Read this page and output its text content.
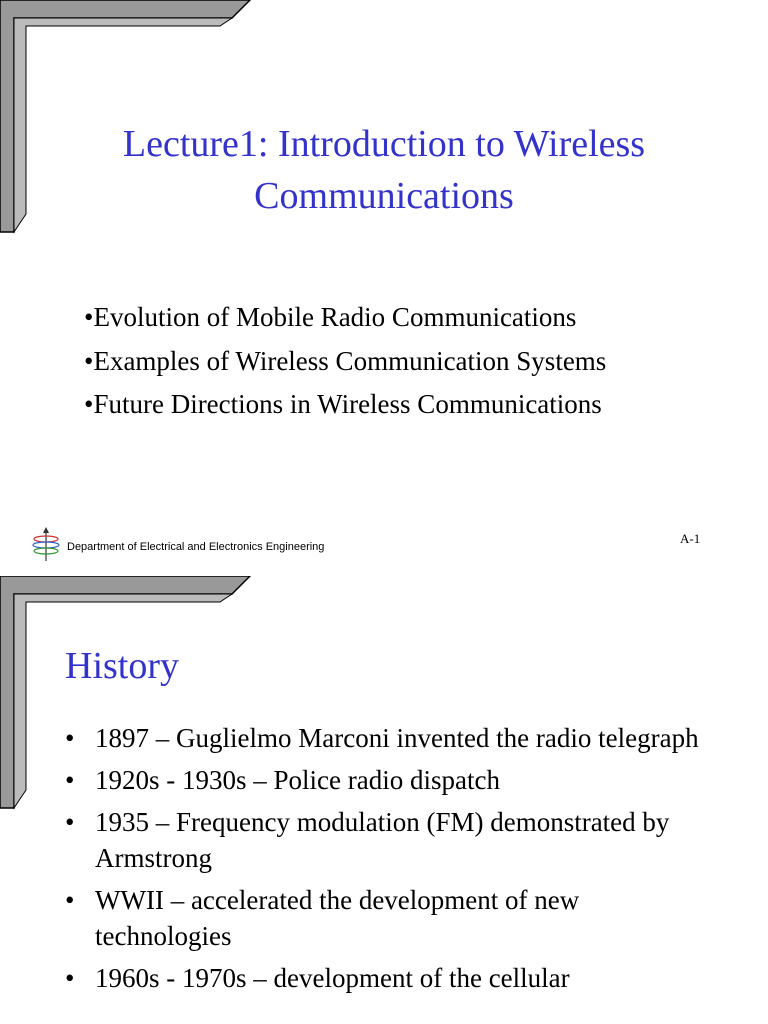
Lecture1: Introduction to Wireless
Communications
•Evolution of Mobile Radio Communications
•Examples of Wireless Communication Systems
•Future Directions in Wireless Communications
Department of Electrical and Electronics Engineering
A-1
History
• 1897 – Guglielmo Marconi invented the radio telegraph
• 1920s - 1930s – Police radio dispatch
• 1935 – Frequency modulation (FM) demonstrated by Armstrong
• WWII – accelerated the development of new technologies
• 1960s - 1970s – development of the cellular
